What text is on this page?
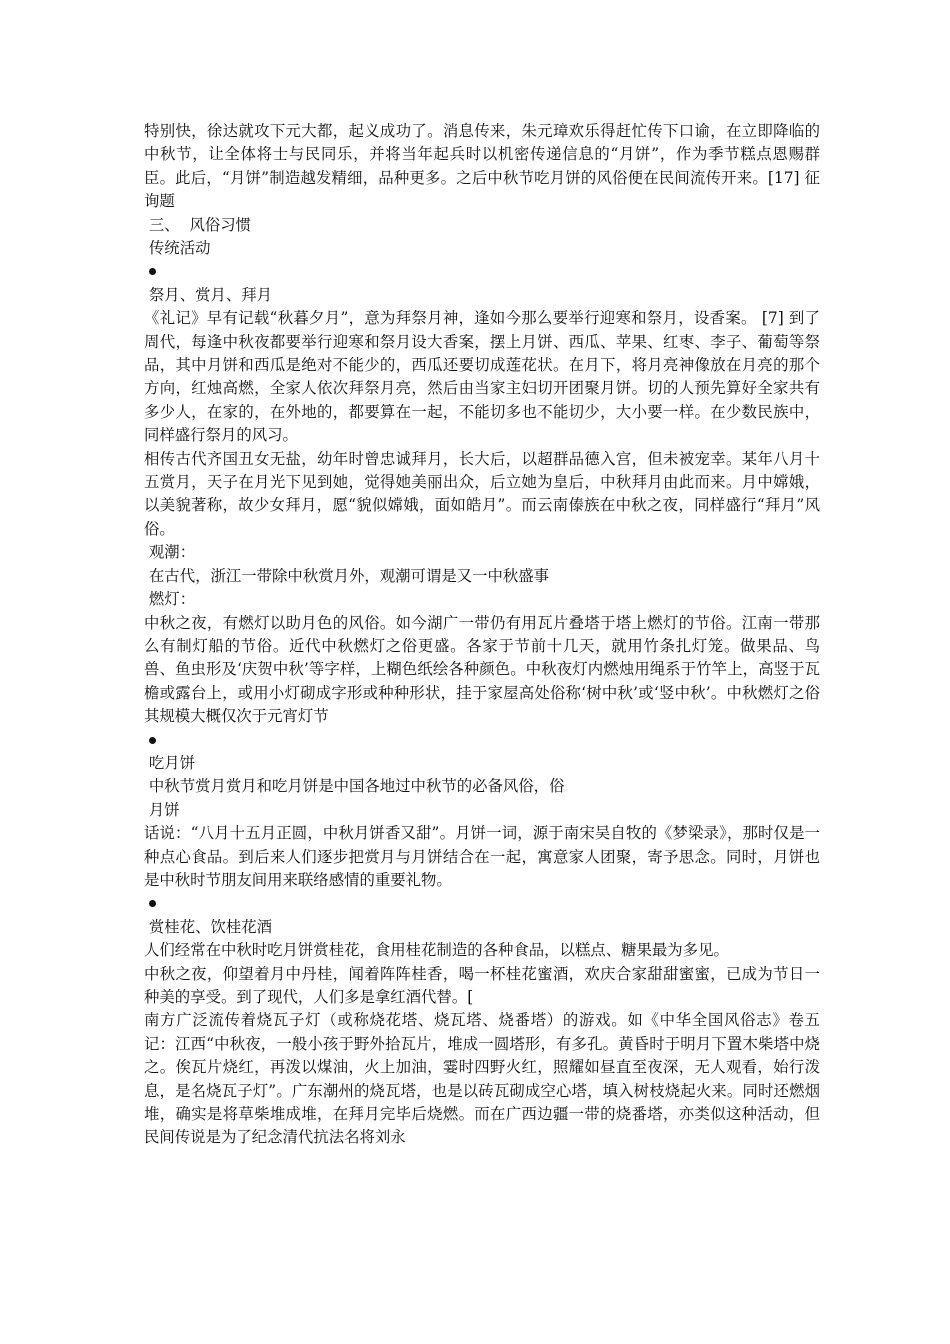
特别快，徐达就攻下元大都，起义成功了。消息传来，朱元璋欢乐得赶忙传下口谕，在立即降临的中秋节，让全体将士与民同乐，并将当年起兵时以机密传递信息的“月饼”，作为季节糕点恩赐群臣。此后，“月饼”制造越发精细，品种更多。之后中秋节吃月饼的风俗便在民间流传开来。[17] 征询题
三、  风俗习惯
传统活动
祭月、赏月、拜月
《礼记》早有记载“秋暮夕月”，意为拜祭月神，逢如今那么要举行迎寒和祭月，设香案。 [7] 到了周代，每逢中秋夜都要举行迎寒和祭月设大香案，摆上月饼、西瓜、苹果、红枣、李子、葡萄等祭品，其中月饼和西瓜是绝对不能少的，西瓜还要切成莲花状。在月下，将月亮神像放在月亮的那个方向，红烛高燃，全家人依次拜祭月亮，然后由当家主妇切开团聚月饼。切的人预先算好全家共有多少人，在家的，在外地的，都要算在一起，不能切多也不能切少，大小要一样。在少数民族中，同样盛行祭月的风习。
相传古代齐国丑女无盐，幼年时曾忠诚拜月，长大后，以超群品德入宫，但未被宠幸。某年八月十五赏月，天子在月光下见到她，觉得她美丽出众，后立她为皇后，中秋拜月由此而来。月中嫦娥，以美貌著称，故少女拜月，愿“貌似嫦娥，面如皓月”。而云南傣族在中秋之夜，同样盛行“拜月”风俗。
观潮：
在古代，浙江一带除中秋赏月外，观潮可谓是又一中秋盛事
燃灯：
中秋之夜，有燃灯以助月色的风俗。如今湖广一带仍有用瓦片叠塔于塔上燃灯的节俗。江南一带那么有制灯船的节俗。近代中秋燃灯之俗更盛。各家于节前十几天，就用竹条扎灯笼。做果品、鸟兽、鱼虫形及‘庆贺中秋’等字样，上糊色纸绘各种颜色。中秋夜灯内燃烛用绳系于竹竿上，高竖于瓦檐或露台上，或用小灯砌成字形或种种形状，挂于家屋高处俗称‘树中秋’或‘竖中秋’。中秋燃灯之俗其规模大概仅次于元宵灯节
吃月饼
中秋节赏月赏月和吃月饼是中国各地过中秋节的必备风俗，俗
月饼
话说：“八月十五月正圆，中秋月饼香又甜”。月饼一词，源于南宋吴自牧的《梦梁录》，那时仅是一种点心食品。到后来人们逐步把赏月与月饼结合在一起，寓意家人团聚，寄予思念。同时，月饼也是中秋时节朋友间用来联络感情的重要礼物。
赏桂花、饮桂花酒
人们经常在中秋时吃月饼赏桂花，食用桂花制造的各种食品，以糕点、糖果最为多见。
中秋之夜，仰望着月中丹桂，闻着阵阵桂香，喝一杯桂花蜜酒，欢庆合家甜甜蜜蜜，已成为节日一种美的享受。到了现代，人们多是拿红酒代替。[
南方广泛流传着烧瓦子灯（或称烧花塔、烧瓦塔、烧番塔）的游戏。如《中华全国风俗志》卷五记：江西“中秋夜，一般小孩于野外拾瓦片，堆成一圆塔形，有多孔。黄昏时于明月下置木柴塔中烧之。俟瓦片烧红，再泼以煤油，火上加油，霎时四野火红，照耀如昼直至夜深，无人观看，始行泼息，是名烧瓦子灯”。广东潮州的烧瓦塔，也是以砖瓦砌成空心塔，填入树枝烧起火来。同时还燃烟堆，确实是将草柴堆成堆，在拜月完毕后烧燃。而在广西边疆一带的烧番塔，亦类似这种活动，但民间传说是为了纪念清代抗法名将刘永
